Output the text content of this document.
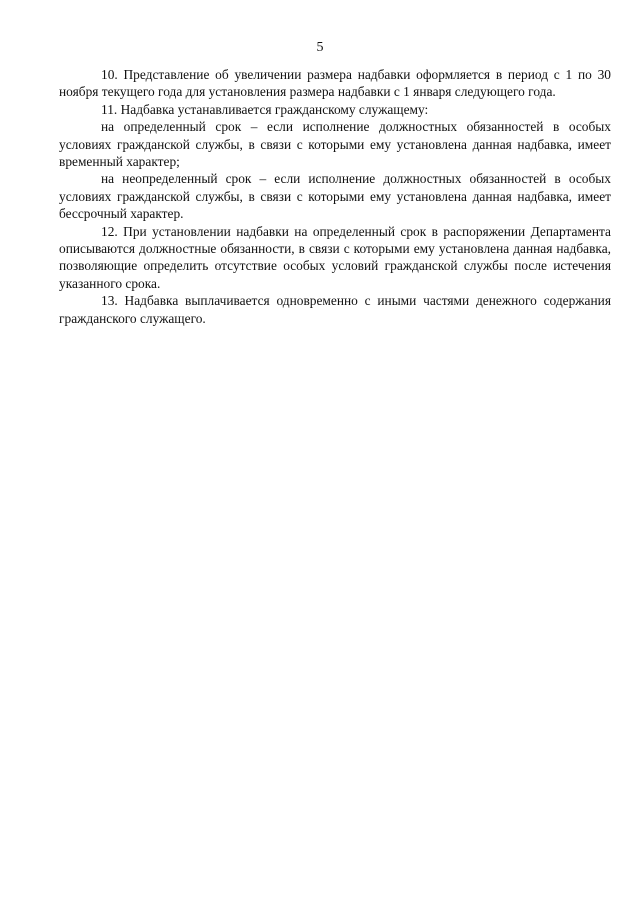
5

10. Представление об увеличении размера надбавки оформляется в период с 1 по 30 ноября текущего года для установления размера надбавки с 1 января следующего года.

11. Надбавка устанавливается гражданскому служащему:

на определенный срок – если исполнение должностных обязанностей в особых условиях гражданской службы, в связи с которыми ему установлена данная надбавка, имеет временный характер;

на неопределенный срок – если исполнение должностных обязанностей в особых условиях гражданской службы, в связи с которыми ему установлена данная надбавка, имеет бессрочный характер.

12. При установлении надбавки на определенный срок в распоряжении Департамента описываются должностные обязанности, в связи с которыми ему установлена данная надбавка, позволяющие определить отсутствие особых условий гражданской службы после истечения указанного срока.

13. Надбавка выплачивается одновременно с иными частями денежного содержания гражданского служащего.
